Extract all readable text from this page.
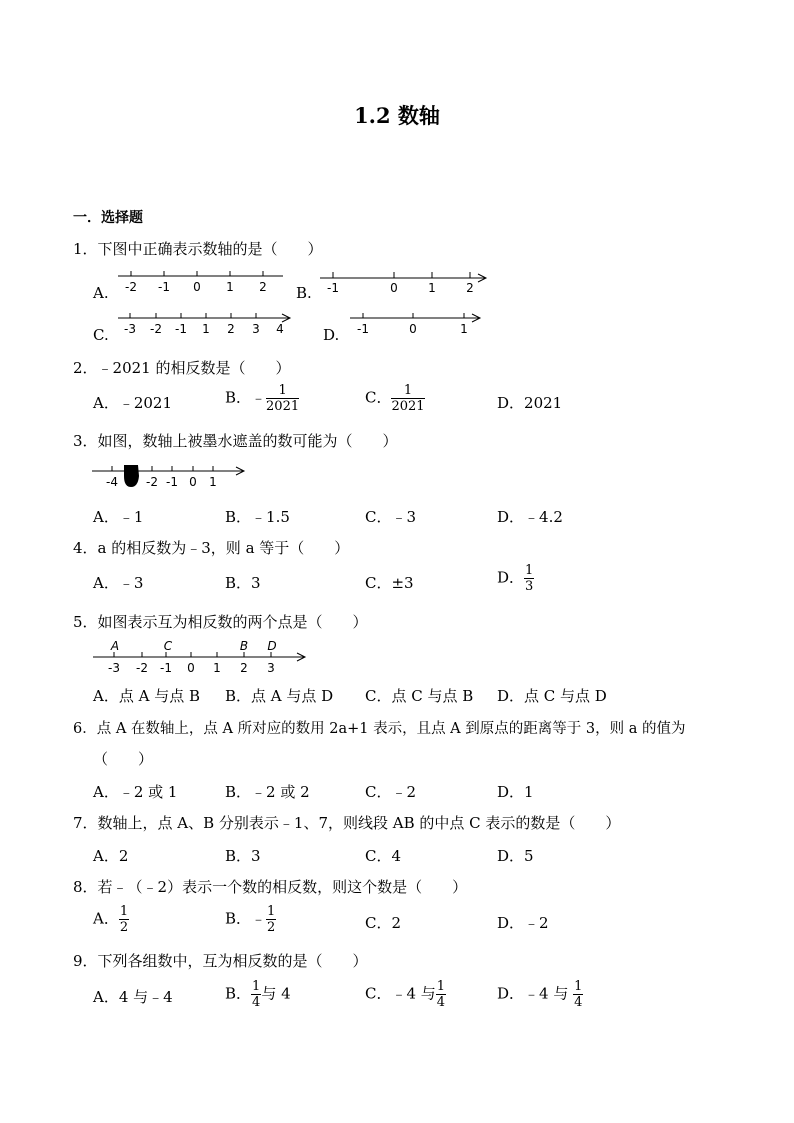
1.2 数轴
一．选择题
1．下图中正确表示数轴的是（　　）
A. -2 -1 0 1 2 B. -1	0	1	2
C. -3 -2 -1 1 2 3 4	D. -1	0	1
2．﹣2021 的相反数是（　　）
A．﹣2021	B．﹣ $\frac{1}{2021}$	C． $\frac{1}{2021}$	D．2021
3．如图，数轴上被墨水遮盖的数可能为（　　）
-4 -2 -1 0 1
A．﹣1	B．﹣1.5	C．﹣3	D．﹣4.2
4．a 的相反数为﹣3，则 a 等于（　　）
A．﹣3	B．3	C．±3	D． $\frac{1}{3}$
5．如图表示互为相反数的两个点是（　　）
A	C	B D
-3 -2 -1 0 1 2 3
A．点 A 与点 B B．点 A 与点 D C．点 C 与点 B D．点 C 与点 D
6．点 A 在数轴上，点 A 所对应的数用 2a+1 表示，且点 A 到原点的距离等于 3，则 a 的值为
（　　）
A．﹣2 或 1	B．﹣2 或 2	C．﹣2	D．1
7．数轴上，点 A、B 分别表示﹣1、7，则线段 AB 的中点 C 表示的数是（　　）
A．2	B．3	C．4	D．5
8．若﹣（﹣2）表示一个数的相反数，则这个数是（　　）
A． $\frac{1}{2}$	B．﹣ $\frac{1}{2}$	C．2	D．﹣2
9．下列各组数中，互为相反数的是（　　）
A．4 与﹣4	B． $\frac{1}{4}$ 与 4	C．﹣4 与 $\frac{1}{4}$	D．﹣4 与 $\frac{1}{4}$
